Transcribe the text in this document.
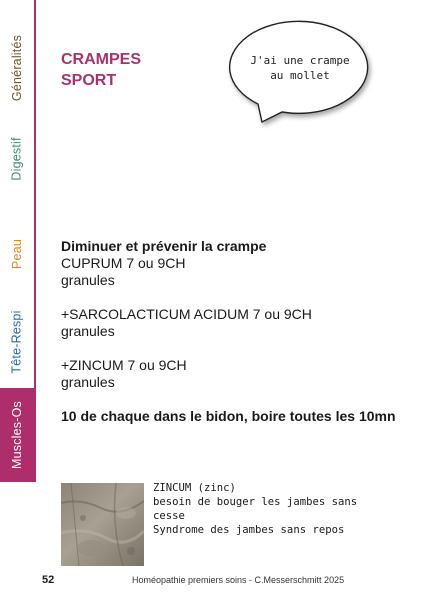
Généralités
Digestif
Peau
Tête-Respi
Muscles-Os
CRAMPES
SPORT
J'ai une crampe
au mollet
Diminuer et prévenir la crampe
CUPRUM 7 ou 9CH
granules
+SARCOLACTICUM ACIDUM 7 ou 9CH
granules
+ZINCUM 7 ou 9CH
granules
10 de chaque dans le bidon, boire toutes les 10mn
ZINCUM (zinc)
besoin de bouger les jambes sans
cesse
Syndrome des jambes sans repos
52	Homéopathie premiers soins - C.Messerschmitt 2025
